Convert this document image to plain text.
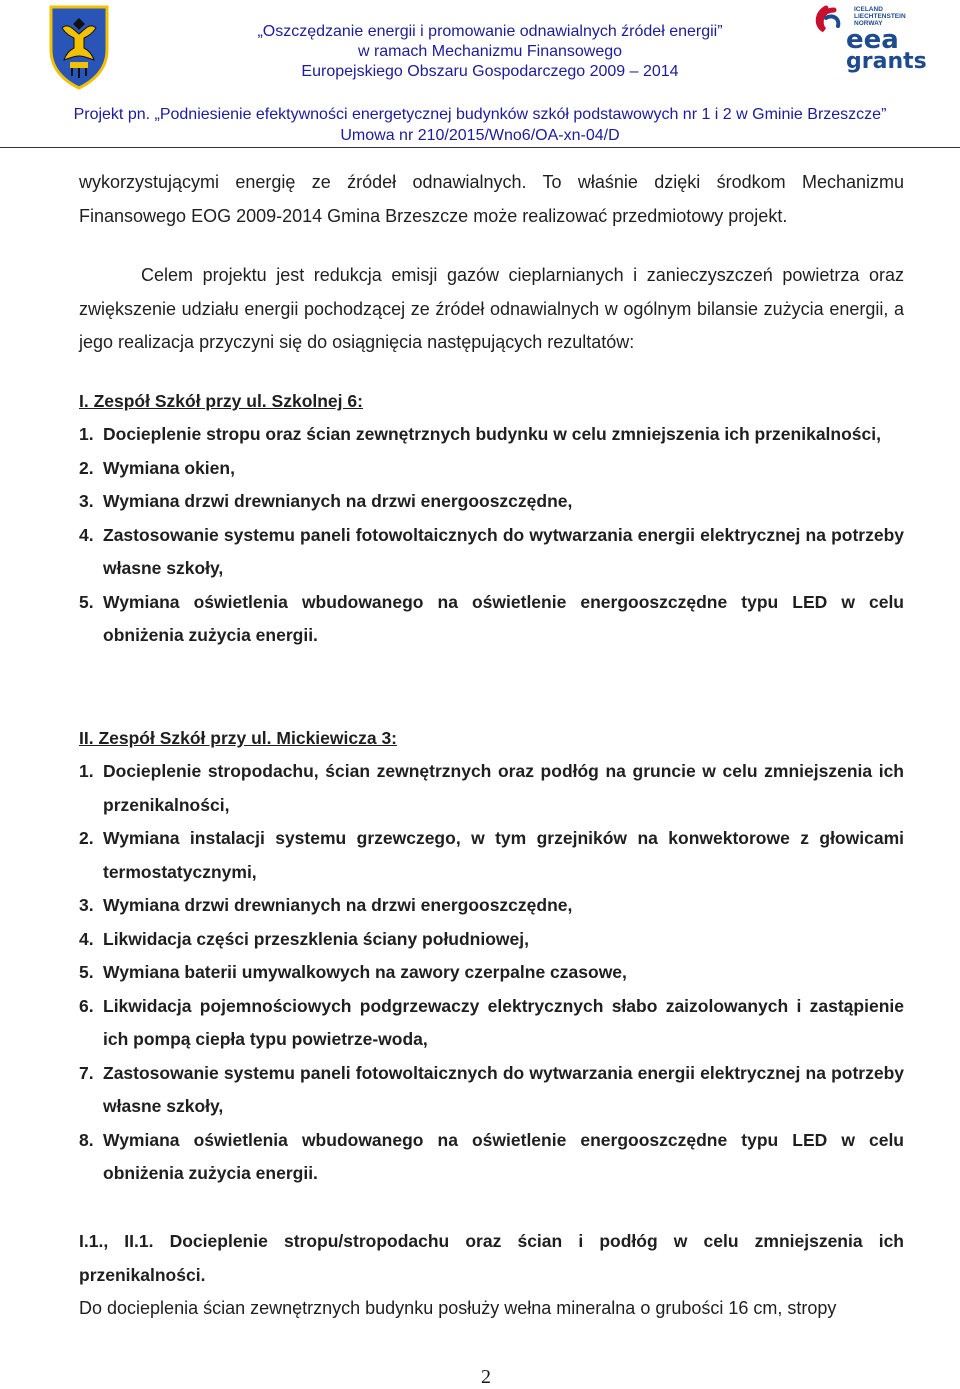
„Oszczędzanie energii i promowanie odnawialnych źródeł energii”
w ramach Mechanizmu Finansowego
Europejskiego Obszaru Gospodarczego 2009 – 2014
ICELAND
LIECHTENSTEIN
NORWAY
eea
grants
Projekt pn. „Podniesienie efektywności energetycznej budynków szkół podstawowych nr 1 i 2 w Gminie Brzeszcze”
Umowa nr 210/2015/Wno6/OA-xn-04/D

wykorzystującymi energię ze źródeł odnawialnych. To właśnie dzięki środkom Mechanizmu Finansowego EOG 2009-2014 Gmina Brzeszcze może realizować przedmiotowy projekt.

Celem projektu jest redukcja emisji gazów cieplarnianych i zanieczyszczeń powietrza oraz zwiększenie udziału energii pochodzącej ze źródeł odnawialnych w ogólnym bilansie zużycia energii, a jego realizacja przyczyni się do osiągnięcia następujących rezultatów:

I. Zespół Szkół przy ul. Szkolnej 6:

1. Docieplenie stropu oraz ścian zewnętrznych budynku w celu zmniejszenia ich przenikalności,
2. Wymiana okien,
3. Wymiana drzwi drewnianych na drzwi energooszczędne,
4. Zastosowanie systemu paneli fotowoltaicznych do wytwarzania energii elektrycznej na potrzeby własne szkoły,
5. Wymiana oświetlenia wbudowanego na oświetlenie energooszczędne typu LED w celu obniżenia zużycia energii.

II. Zespół Szkół przy ul. Mickiewicza 3:

1. Docieplenie stropodachu, ścian zewnętrznych oraz podłóg na gruncie w celu zmniejszenia ich przenikalności,
2. Wymiana instalacji systemu grzewczego, w tym grzejników na konwektorowe z głowicami termostatycznymi,
3. Wymiana drzwi drewnianych na drzwi energooszczędne,
4. Likwidacja części przeszklenia ściany południowej,
5. Wymiana baterii umywalkowych na zawory czerpalne czasowe,
6. Likwidacja pojemnościowych podgrzewaczy elektrycznych słabo zaizolowanych i zastąpienie ich pompą ciepła typu powietrze-woda,
7. Zastosowanie systemu paneli fotowoltaicznych do wytwarzania energii elektrycznej na potrzeby własne szkoły,
8. Wymiana oświetlenia wbudowanego na oświetlenie energooszczędne typu LED w celu obniżenia zużycia energii.

I.1., II.1. Docieplenie stropu/stropodachu oraz ścian i podłóg w celu zmniejszenia ich przenikalności.

Do docieplenia ścian zewnętrznych budynku posłuży wełna mineralna o grubości 16 cm, stropy

2
